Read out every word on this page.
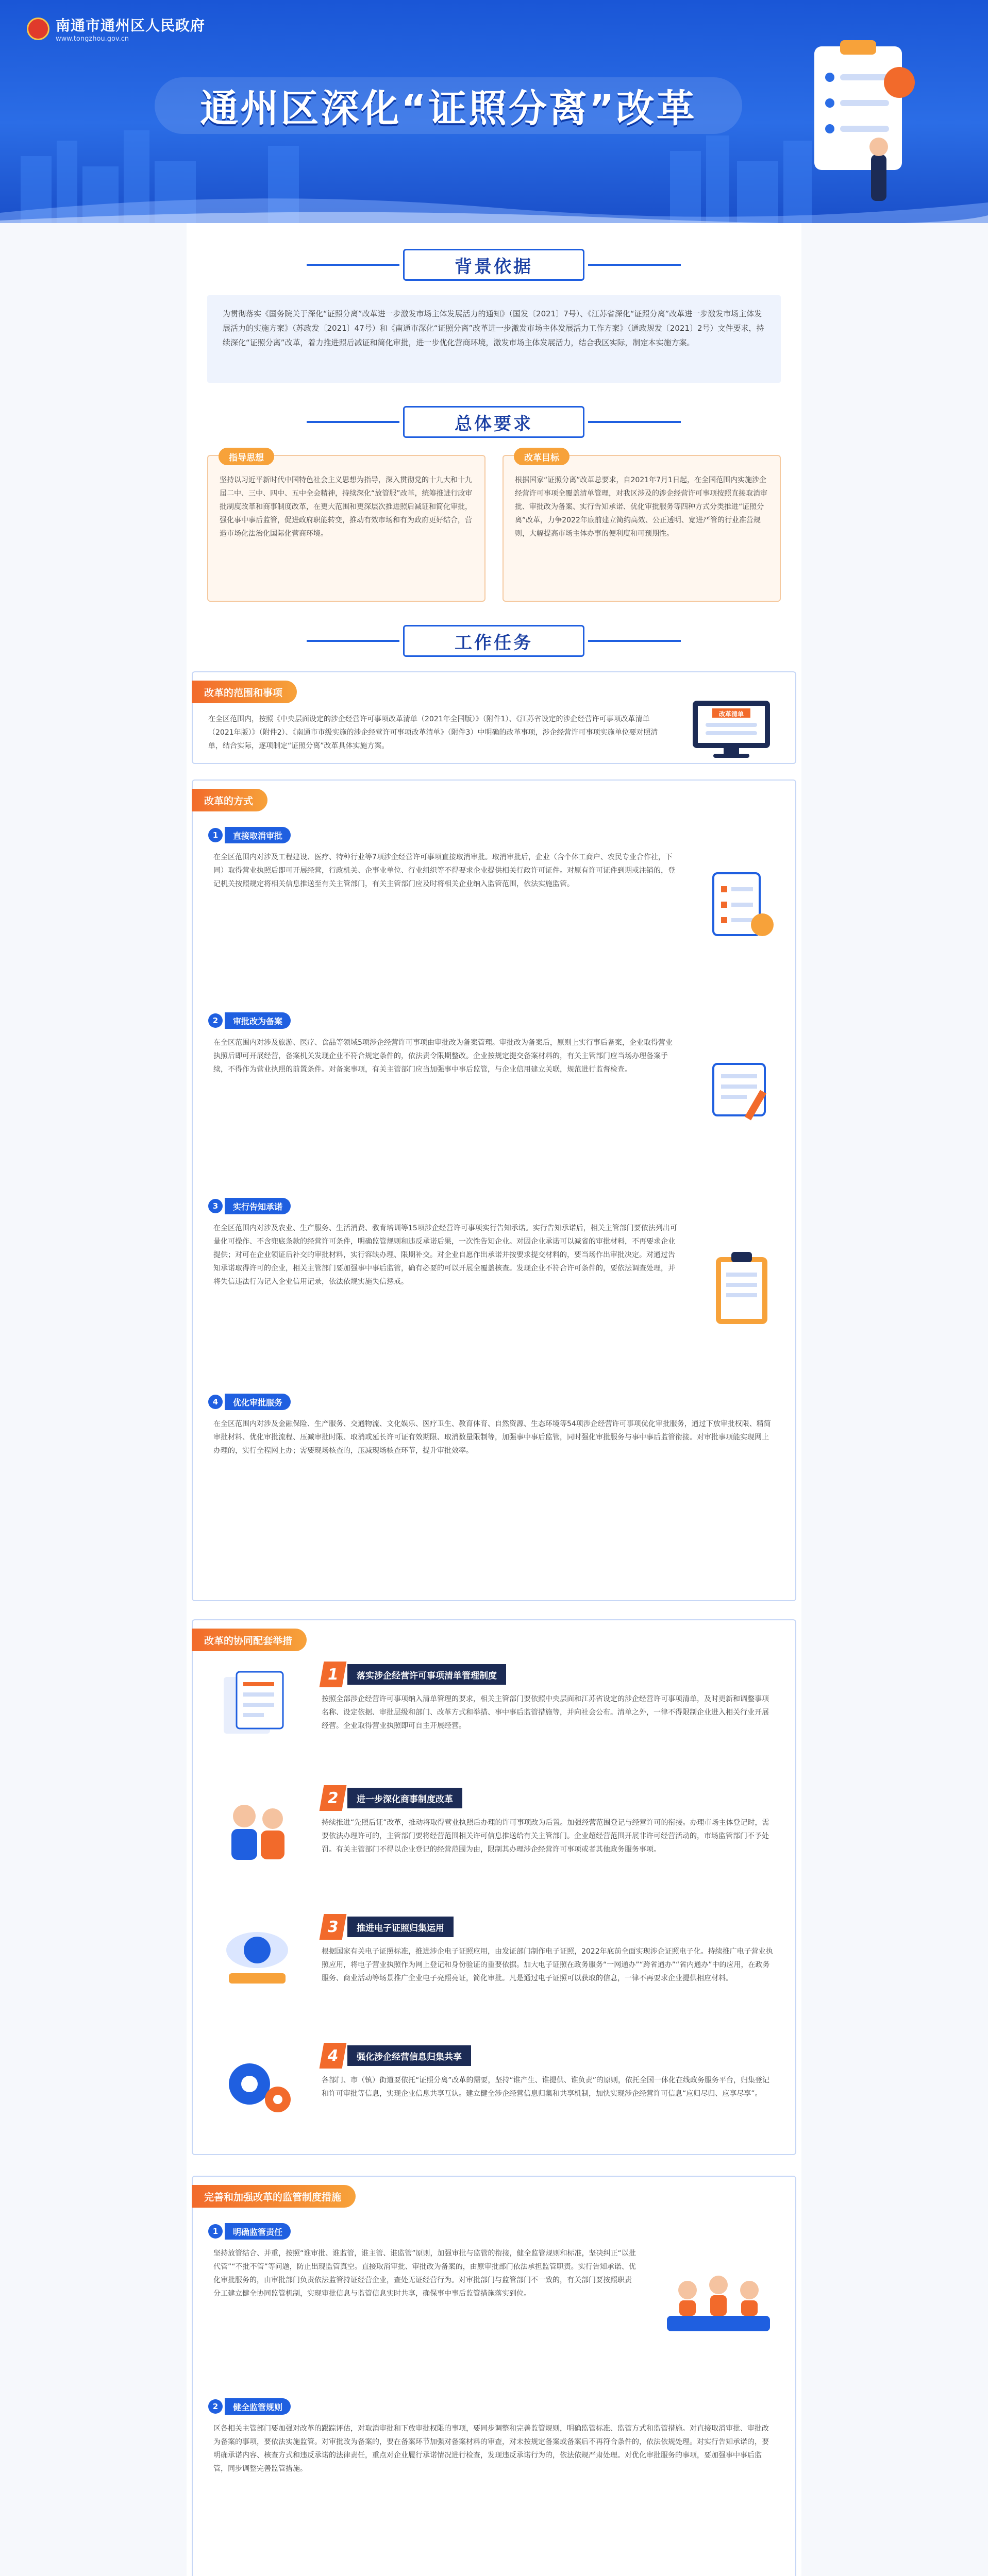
南通市通州区人民政府
www.tongzhou.gov.cn
通州区深化“证照分离”改革
背景依据
为贯彻落实《国务院关于深化“证照分离”改革进一步激发市场主体发展活力的通知》（国发〔2021〕7号）、《江苏省深化“证照分离”改革进一步激发市场主体发展活力的实施方案》（苏政发〔2021〕47号）和《南通市深化“证照分离”改革进一步激发市场主体发展活力工作方案》（通政规发〔2021〕2号）文件要求，持续深化“证照分离”改革，着力推进照后减证和简化审批，进一步优化营商环境，激发市场主体发展活力，结合我区实际，制定本实施方案。
总体要求
指导思想
坚持以习近平新时代中国特色社会主义思想为指导，深入贯彻党的十九大和十九届二中、三中、四中、五中全会精神，持续深化“放管服”改革，统筹推进行政审批制度改革和商事制度改革，在更大范围和更深层次推进照后减证和简化审批，强化事中事后监管，促进政府职能转变，推动有效市场和有为政府更好结合，营造市场化法治化国际化营商环境。
改革目标
根据国家“证照分离”改革总要求，自2021年7月1日起，在全国范围内实施涉企经营许可事项全覆盖清单管理，对我区涉及的涉企经营许可事项按照直接取消审批、审批改为备案、实行告知承诺、优化审批服务等四种方式分类推进“证照分离”改革，力争2022年底前建立简约高效、公正透明、宽进严管的行业准营规则，大幅提高市场主体办事的便利度和可预期性。
工作任务
改革的范围和事项
在全区范围内，按照《中央层面设定的涉企经营许可事项改革清单（2021年全国版）》（附件1）、《江苏省设定的涉企经营许可事项改革清单（2021年版）》（附件2）、《南通市市级实施的涉企经营许可事项改革清单》（附件3）中明确的改革事项，涉企经营许可事项实施单位要对照清单，结合实际，逐项制定“证照分离”改革具体实施方案。
改革清单
改革的方式
1	直接取消审批
在全区范围内对涉及工程建设、医疗、特种行业等7项涉企经营许可事项直接取消审批。取消审批后，企业（含个体工商户、农民专业合作社，下同）取得营业执照后即可开展经营，行政机关、企事业单位、行业组织等不得要求企业提供相关行政许可证件。对原有许可证件到期或注销的，登记机关按照规定将相关信息推送至有关主管部门，有关主管部门应及时将相关企业纳入监管范围，依法实施监管。
2	审批改为备案
在全区范围内对涉及旅游、医疗、食品等领域5项涉企经营许可事项由审批改为备案管理。审批改为备案后，原则上实行事后备案，企业取得营业执照后即可开展经营，备案机关发现企业不符合规定条件的，依法责令限期整改。企业按规定提交备案材料的，有关主管部门应当场办理备案手续，不得作为营业执照的前置条件。对备案事项，有关主管部门应当加强事中事后监管，与企业信用建立关联，规范进行监督检查。
3	实行告知承诺
在全区范围内对涉及农业、生产服务、生活消费、教育培训等15项涉企经营许可事项实行告知承诺。实行告知承诺后，相关主管部门要依法列出可量化可操作、不含兜底条款的经营许可条件，明确监管规则和违反承诺后果，一次性告知企业。对因企业承诺可以减省的审批材料，不再要求企业提供；对可在企业领证后补交的审批材料，实行容缺办理、限期补交。对企业自愿作出承诺并按要求提交材料的，要当场作出审批决定。对通过告知承诺取得许可的企业，相关主管部门要加强事中事后监管，确有必要的可以开展全覆盖核查。发现企业不符合许可条件的，要依法调查处理，并将失信违法行为记入企业信用记录，依法依规实施失信惩戒。
4	优化审批服务
在全区范围内对涉及金融保险、生产服务、交通物流、文化娱乐、医疗卫生、教育体育、自然资源、生态环境等54项涉企经营许可事项优化审批服务，通过下放审批权限、精简审批材料、优化审批流程、压减审批时限、取消或延长许可证有效期限、取消数量限制等，加强事中事后监管，同时强化审批服务与事中事后监管衔接。对审批事项能实现网上办理的，实行全程网上办；需要现场核查的，压减现场核查环节，提升审批效率。
改革的协同配套举措
1	落实涉企经营许可事项清单管理制度
按照全部涉企经营许可事项纳入清单管理的要求，相关主管部门要依照中央层面和江苏省设定的涉企经营许可事项清单，及时更新和调整事项名称、设定依据、审批层级和部门、改革方式和举措、事中事后监管措施等，并向社会公布。清单之外，一律不得限制企业进入相关行业开展经营。企业取得营业执照即可自主开展经营。
2	进一步深化商事制度改革
持续推进“先照后证”改革，推动将取得营业执照后办理的许可事项改为后置。加强经营范围登记与经营许可的衔接。办理市场主体登记时，需要依法办理许可的，主管部门要将经营范围相关许可信息推送给有关主管部门。企业超经营范围开展非许可经营活动的，市场监管部门不予处罚。有关主管部门不得以企业登记的经营范围为由，限制其办理涉企经营许可事项或者其他政务服务事项。
3	推进电子证照归集运用
根据国家有关电子证照标准，推进涉企电子证照应用，由发证部门制作电子证照，2022年底前全面实现涉企证照电子化。持续推广电子营业执照应用，将电子营业执照作为网上登记和身份验证的重要依据。加大电子证照在政务服务“一网通办”“跨省通办”“省内通办”中的应用，在政务服务、商业活动等场景推广企业电子亮照亮证，简化审批。凡是通过电子证照可以获取的信息，一律不再要求企业提供相应材料。
4	强化涉企经营信息归集共享
各部门、市（镇）街道要依托“证照分离”改革的需要，坚持“谁产生、谁提供、谁负责”的原则，依托全国一体化在线政务服务平台，归集登记和许可审批等信息，实现企业信息共享互认。建立健全涉企经营信息归集和共享机制，加快实现涉企经营许可信息“应归尽归、应享尽享”。
完善和加强改革的监管制度措施
1	明确监管责任
坚持放管结合、并重，按照“谁审批、谁监管，谁主管、谁监管”原则，加强审批与监管的衔接，健全监管规则和标准，坚决纠正“以批代管”“不批不管”等问题，防止出现监管真空。直接取消审批、审批改为备案的，由原审批部门依法承担监管职责。实行告知承诺、优化审批服务的，由审批部门负责依法监管持证经营企业，查处无证经营行为。对审批部门与监管部门不一致的，有关部门要按照职责分工建立健全协同监管机制，实现审批信息与监管信息实时共享，确保事中事后监管措施落实到位。
2	健全监管规则
区各相关主管部门要加强对改革的跟踪评估，对取消审批和下放审批权限的事项，要同步调整和完善监管规则，明确监管标准、监管方式和监管措施。对直接取消审批、审批改为备案的事项，要依法实施监管。对审批改为备案的，要在备案环节加强对备案材料的审查，对未按规定备案或备案后不再符合条件的，依法依规处理。对实行告知承诺的，要明确承诺内容、核查方式和违反承诺的法律责任，重点对企业履行承诺情况进行检查，发现违反承诺行为的，依法依规严肃处理。对优化审批服务的事项，要加强事中事后监管，同步调整完善监管措施。
